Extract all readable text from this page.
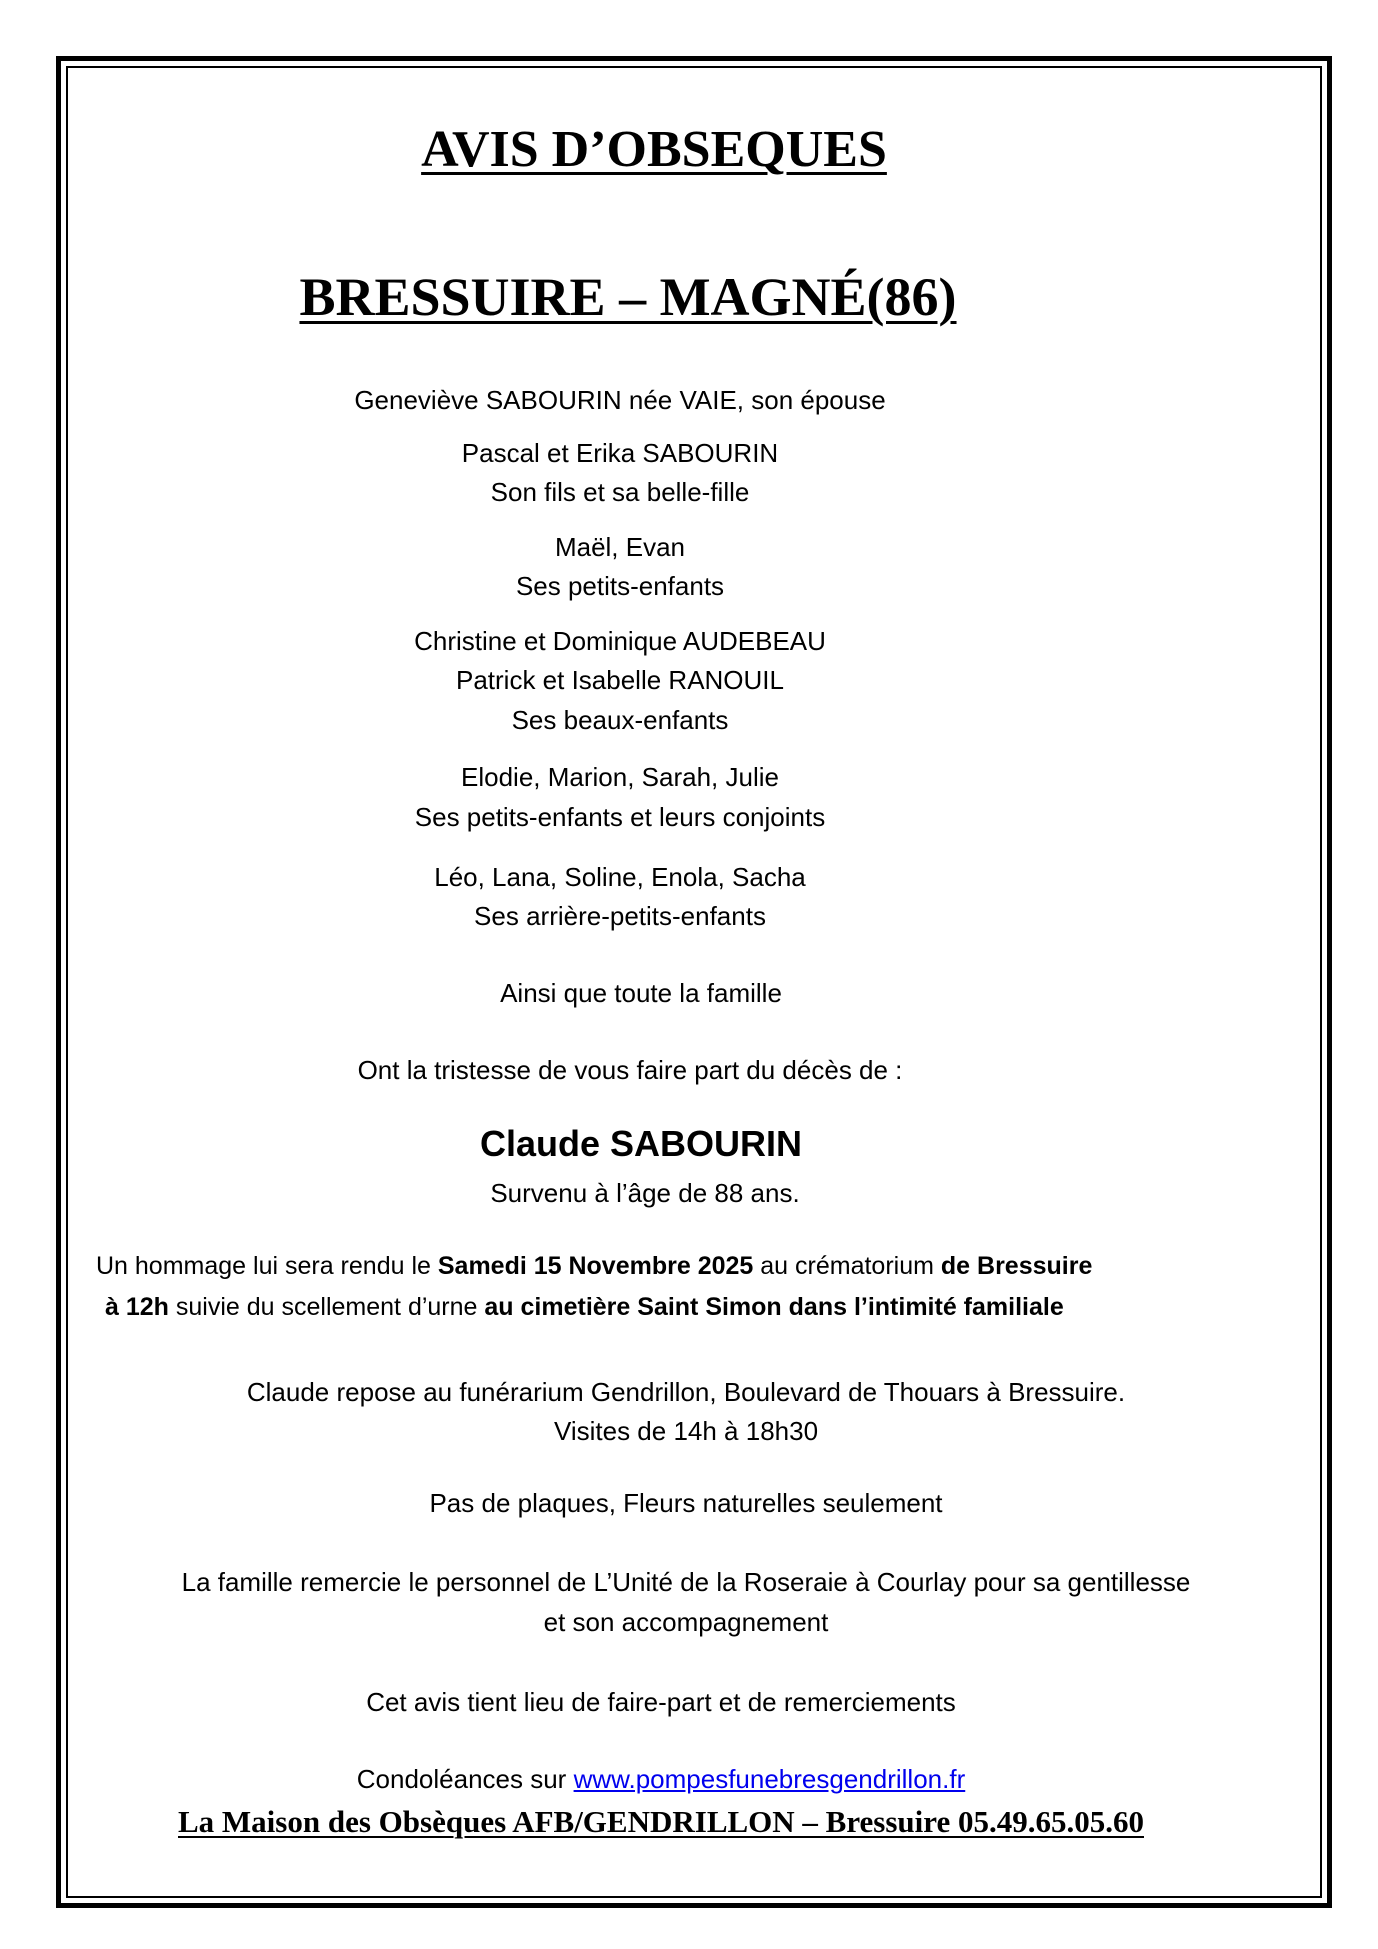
AVIS D’OBSEQUES
BRESSUIRE – MAGNÉ(86)
Geneviève SABOURIN née VAIE, son épouse
Pascal et Erika SABOURIN
Son fils et sa belle-fille
Maël, Evan
Ses petits-enfants
Christine et Dominique AUDEBEAU
Patrick et Isabelle RANOUIL
Ses beaux-enfants
Elodie, Marion, Sarah, Julie
Ses petits-enfants et leurs conjoints
Léo, Lana, Soline, Enola, Sacha
Ses arrière-petits-enfants
Ainsi que toute la famille
Ont la tristesse de vous faire part du décès de :
Claude SABOURIN
Survenu à l’âge de 88 ans.
Un hommage lui sera rendu le Samedi 15 Novembre 2025 au crématorium de Bressuire
à 12h suivie du scellement d’urne au cimetière Saint Simon dans l’intimité familiale
Claude repose au funérarium Gendrillon, Boulevard de Thouars à Bressuire.
Visites de 14h à 18h30
Pas de plaques, Fleurs naturelles seulement
La famille remercie le personnel de L’Unité de la Roseraie à Courlay pour sa gentillesse
et son accompagnement
Cet avis tient lieu de faire-part et de remerciements
Condoléances sur www.pompesfunebresgendrillon.fr
La Maison des Obsèques AFB/GENDRILLON – Bressuire 05.49.65.05.60
